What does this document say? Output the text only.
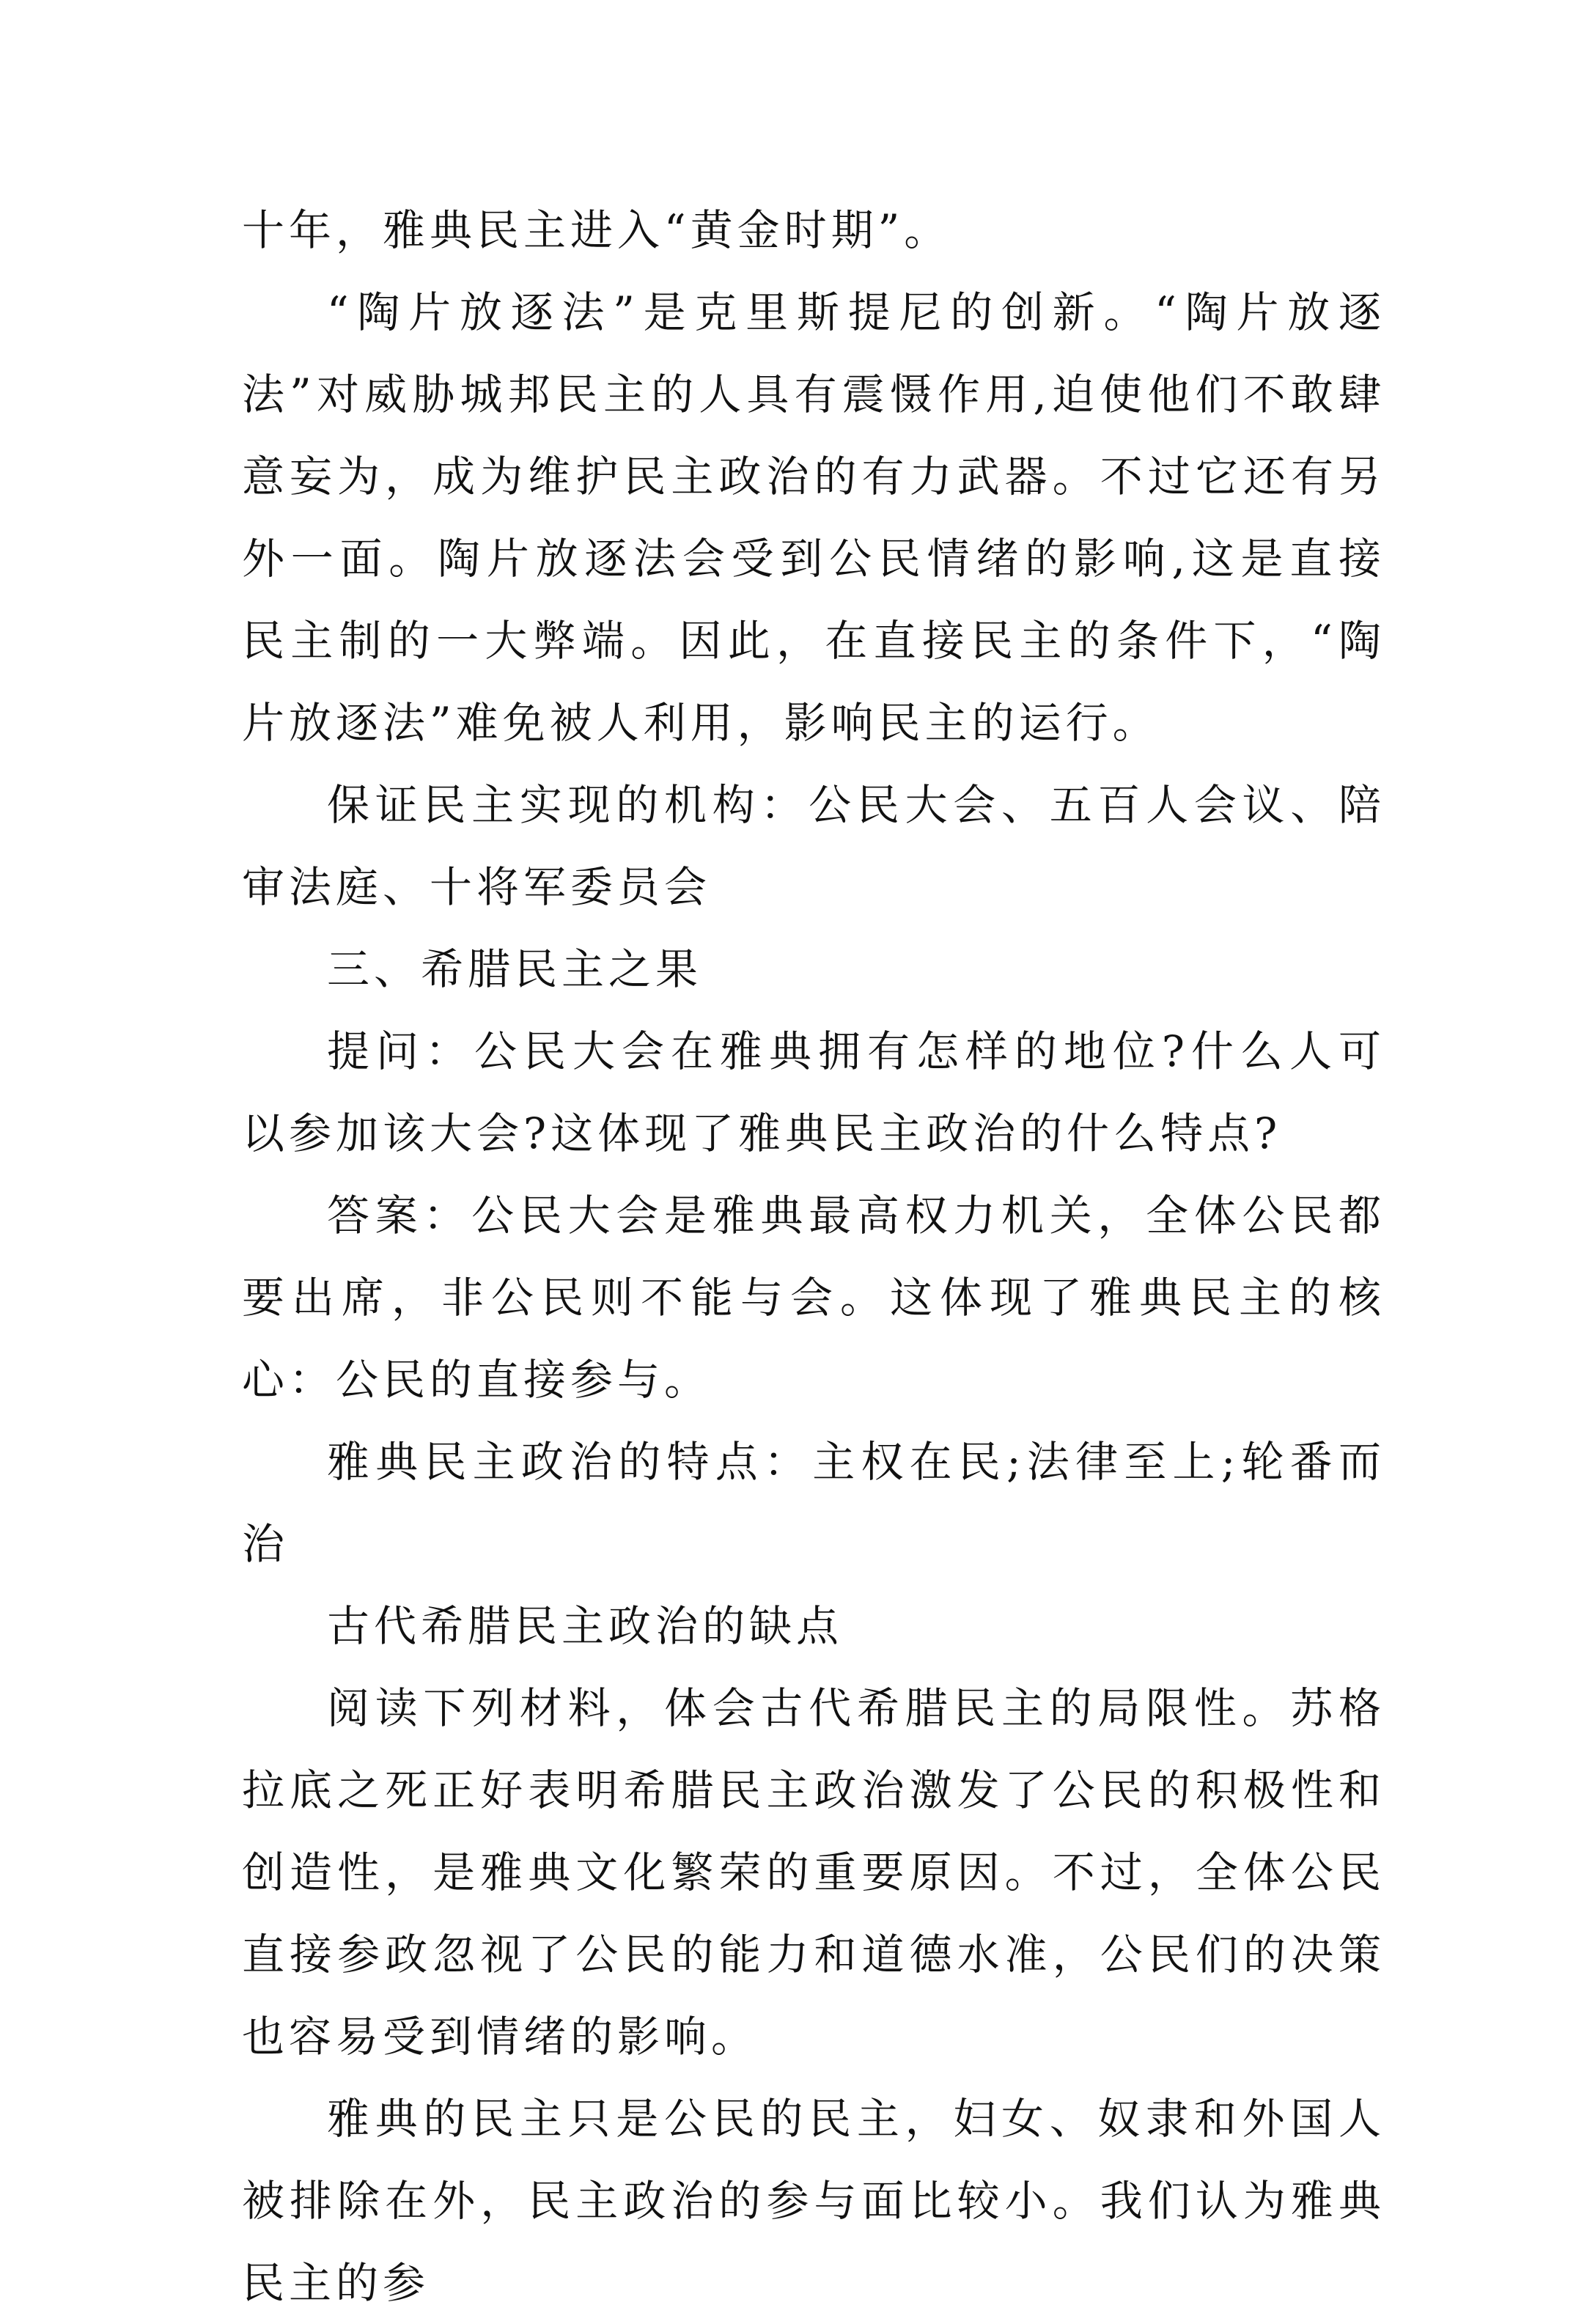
十年，雅典民主进入“黄金时期”。

“陶片放逐法”是克里斯提尼的创新。“陶片放逐法”对威胁城邦民主的人具有震慑作用,迫使他们不敢肆意妄为，成为维护民主政治的有力武器。不过它还有另外一面。陶片放逐法会受到公民情绪的影响,这是直接民主制的一大弊端。因此，在直接民主的条件下，“陶片放逐法”难免被人利用，影响民主的运行。

保证民主实现的机构：公民大会、五百人会议、陪审法庭、十将军委员会

三、希腊民主之果

提问：公民大会在雅典拥有怎样的地位?什么人可以参加该大会?这体现了雅典民主政治的什么特点?

答案：公民大会是雅典最高权力机关，全体公民都要出席，非公民则不能与会。这体现了雅典民主的核心：公民的直接参与。

雅典民主政治的特点：主权在民;法律至上;轮番而治

古代希腊民主政治的缺点

阅读下列材料，体会古代希腊民主的局限性。苏格拉底之死正好表明希腊民主政治激发了公民的积极性和创造性，是雅典文化繁荣的重要原因。不过，全体公民直接参政忽视了公民的能力和道德水准，公民们的决策也容易受到情绪的影响。

雅典的民主只是公民的民主，妇女、奴隶和外国人被排除在外，民主政治的参与面比较小。我们认为雅典民主的参
